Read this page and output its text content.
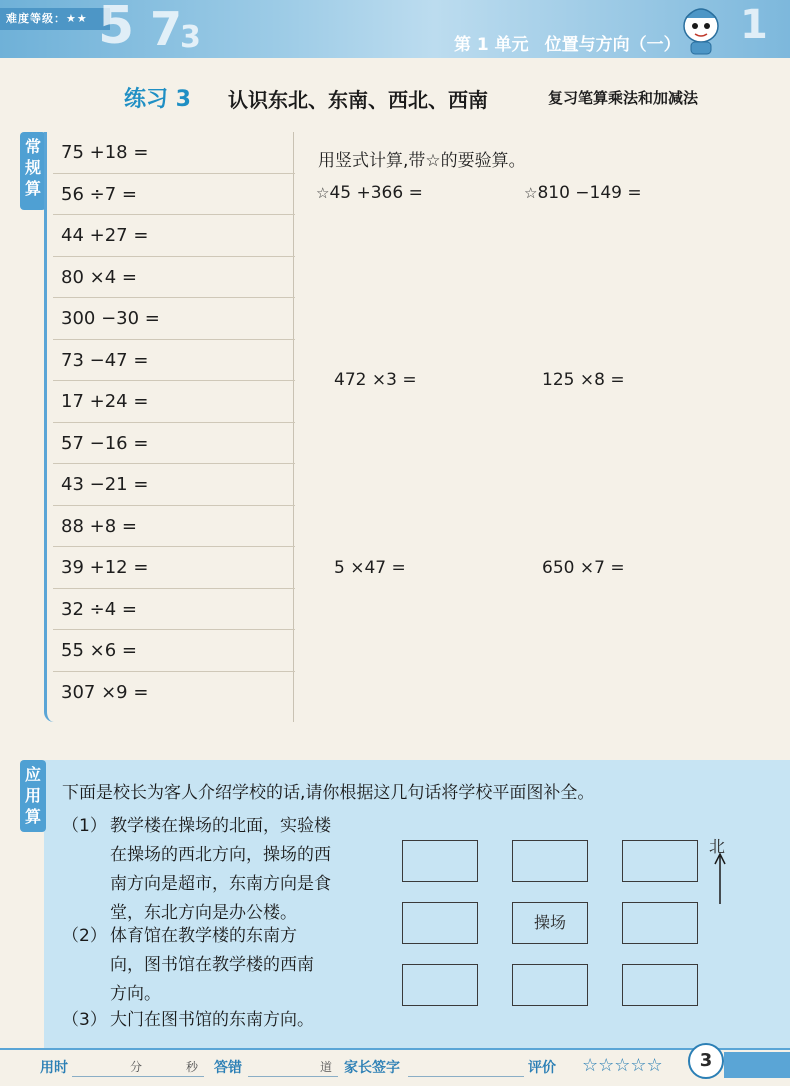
难度等级：★★ 5 7
3	1
第 1 单元 位置与方向（一）
练习 3 认识东北、东南、西北、西南	复习笔算乘法和加减法
常规算
75 +18 =
56 ÷7 =
44 +27 =
80 ×4 =
300 −30 =
73 −47 =
17 +24 =
57 −16 =
43 −21 =
88 +8 =
39 +12 =
32 ÷4 =
55 ×6 =
307 ×9 =
用竖式计算,带☆的要验算。
☆45 +366 =	☆810 −149 =
472 ×3 =	125 ×8 =
5 ×47 =	650 ×7 =
应用算
下面是校长为客人介绍学校的话,请你根据这几句话将学校平面图补全。
（1） 教学楼在操场的北面，实验楼
在操场的西北方向，操场的西
南方向是超市，东南方向是食
堂，东北方向是办公楼。
（2） 体育馆在教学楼的东南方
向，图书馆在教学楼的西南
方向。
（3） 大门在图书馆的东南方向。
操场
北
用时	分	秒 答错	道 家长签字	评价 ☆☆☆☆☆	3
